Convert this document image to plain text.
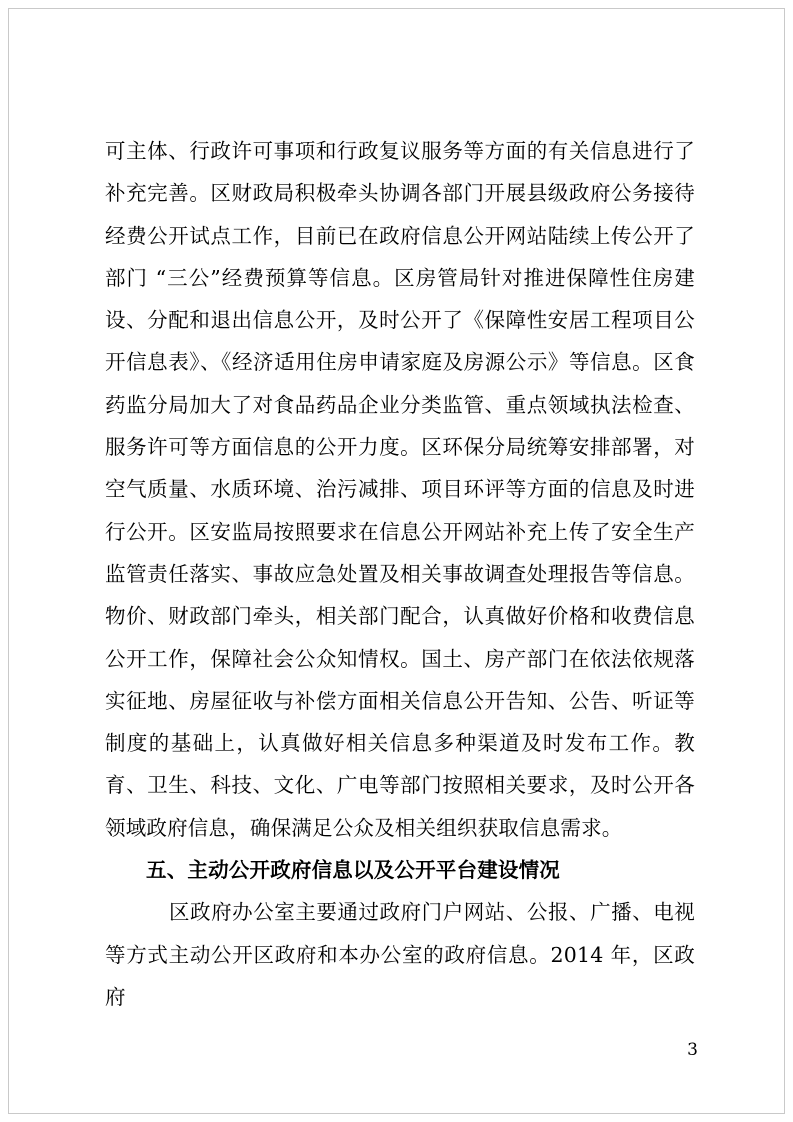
可主体、行政许可事项和行政复议服务等方面的有关信息进行了补充完善。区财政局积极牵头协调各部门开展县级政府公务接待经费公开试点工作，目前已在政府信息公开网站陆续上传公开了部门 “三公”经费预算等信息。区房管局针对推进保障性住房建设、分配和退出信息公开，及时公开了《保障性安居工程项目公开信息表》、《经济适用住房申请家庭及房源公示》等信息。区食药监分局加大了对食品药品企业分类监管、重点领域执法检查、服务许可等方面信息的公开力度。区环保分局统筹安排部署，对空气质量、水质环境、治污减排、项目环评等方面的信息及时进行公开。区安监局按照要求在信息公开网站补充上传了安全生产监管责任落实、事故应急处置及相关事故调查处理报告等信息。物价、财政部门牵头，相关部门配合，认真做好价格和收费信息公开工作，保障社会公众知情权。国土、房产部门在依法依规落实征地、房屋征收与补偿方面相关信息公开告知、公告、听证等制度的基础上，认真做好相关信息多种渠道及时发布工作。教育、卫生、科技、文化、广电等部门按照相关要求，及时公开各领域政府信息，确保满足公众及相关组织获取信息需求。

五、主动公开政府信息以及公开平台建设情况

区政府办公室主要通过政府门户网站、公报、广播、电视等方式主动公开区政府和本办公室的政府信息。2014 年，区政府

3
